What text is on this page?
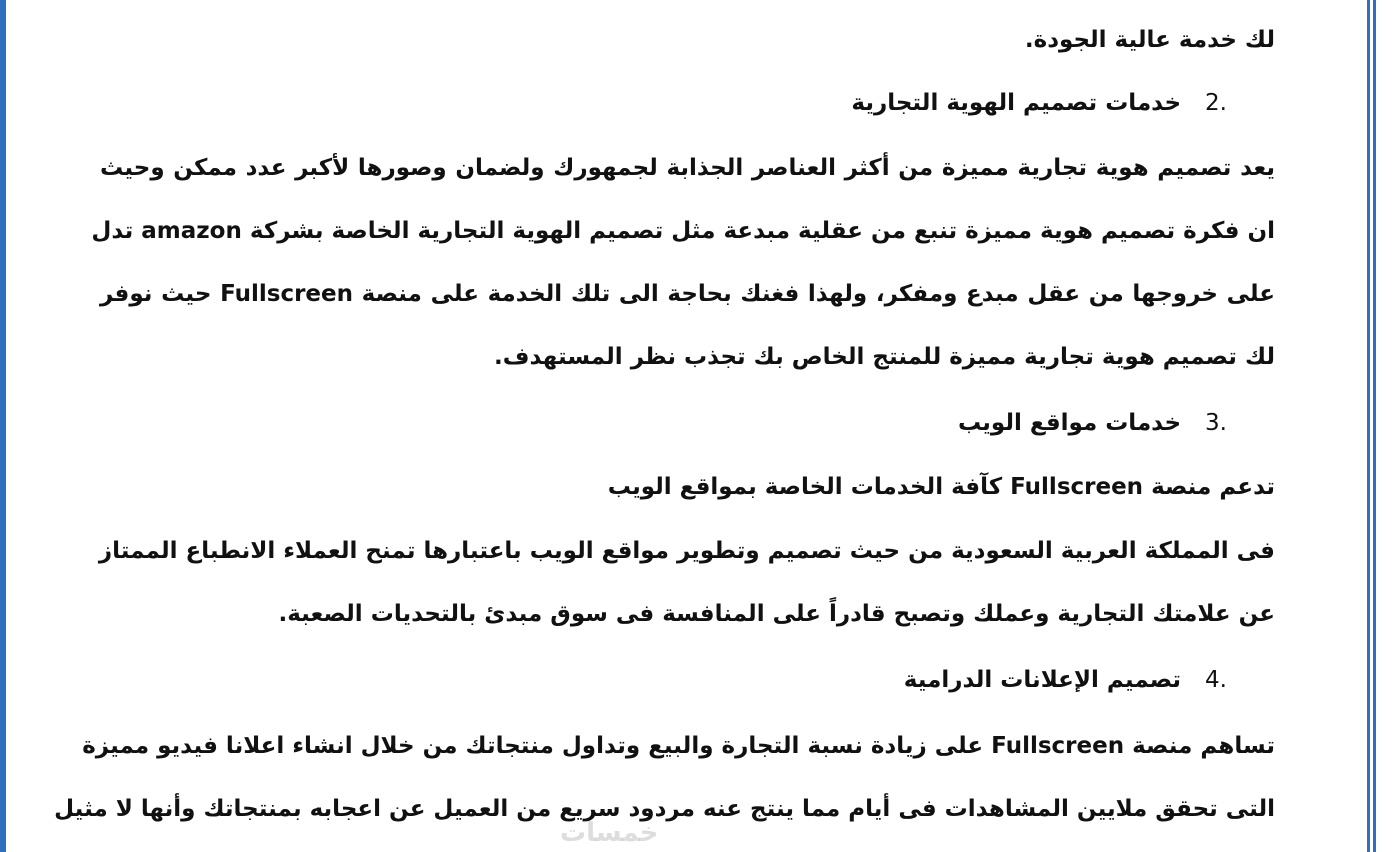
لك خدمة عالية الجودة.
2.خدمات تصميم الهوية التجارية
يعد تصميم هوية تجارية مميزة من أكثر العناصر الجذابة لجمهورك ولضمان وصورها لأكبر عدد ممكن وحيث
ان فكرة تصميم هوية مميزة تنبع من عقلية مبدعة مثل تصميم الهوية التجارية الخاصة بشركة amazon تدل
على خروجها من عقل مبدع ومفكر، ولهذا فغنك بحاجة الى تلك الخدمة على منصة Fullscreen حيث نوفر
لك تصميم هوية تجارية مميزة للمنتج الخاص بك تجذب نظر المستهدف.
3.خدمات مواقع الويب
تدعم منصة Fullscreen كآفة الخدمات الخاصة بمواقع الويب
فى المملكة العربية السعودية من حيث تصميم وتطوير مواقع الويب باعتبارها تمنح العملاء الانطباع الممتاز
عن علامتك التجارية وعملك وتصبح قادراً على المنافسة فى سوق مبدئ بالتحديات الصعبة.
4.تصميم الإعلانات الدرامية
تساهم منصة Fullscreen على زيادة نسبة التجارة والبيع وتداول منتجاتك من خلال انشاء اعلانا فيديو مميزة
التى تحقق ملايين المشاهدات فى أيام مما ينتج عنه مردود سريع من العميل عن اعجابه بمنتجاتك وأنها لا مثيل
خمسات
